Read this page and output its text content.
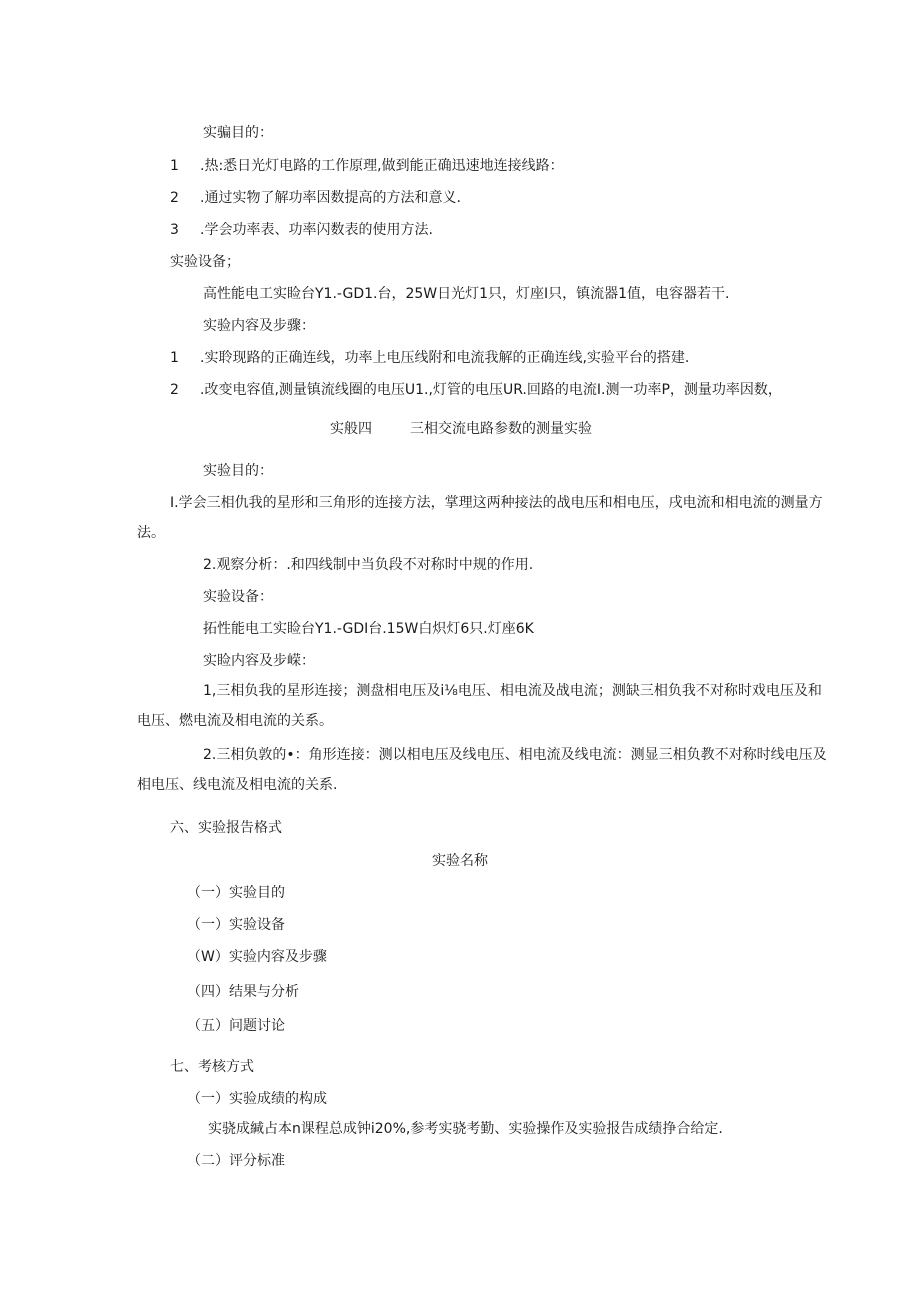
实骗目的：
1 .热:悉日光灯电路的工作原理,做到能正确迅速地连接线路：
2 .通过实物了解功率因数提高的方法和意义.
3 .学会功率表、功率闪数表的使用方法.
实验设备；
高性能电工实睑台Y1.-GD1.台，25W日光灯1只，灯座I只，镇流器1值，电容器若干.
实验内容及步骤：
1 .实聆现路的正确连线，功率上电压线附和电流我解的正确连线,实验平台的搭建.
2 .改变电容值,测量镇流线圈的电压U1.,灯管的电压UR.回路的电流I.测一功率P，测量功率因数，
实般四	三相交流电路参数的测量实验
实验目的：
I.学会三相仇我的星形和三角形的连接方法，掌理这两种接法的战电压和相电压，戌电流和相电流的测量方
法。
2.观察分析：.和四线制中当负段不对称时中规的作用.
实验设备：
拓性能电工实睑台Y1.-GDI台.15W白炽灯6只.灯座6K
实睑内容及步嵘：
1,三相负我的星形连接；测盘相电压及i⅛电压、相电流及战电流；测缺三相负我不对称时戏电压及和
电压、燃电流及相电流的关系。
2.三相负敦的•：角形连接：测以相电压及线电压、相电流及线电流：测显三相负教不对称时线电压及
相电压、线电流及相电流的关系.
六、实验报告格式
实验名称
（一）实验目的
（一）实验设备
（W）实验内容及步骤
（四）结果与分析
（五）问题讨论
七、考核方式
（一）实验成绩的构成
实骁成緘占本n课程总成钟i20%,参考实骁考勤、实验操作及实验报告成绩挣合给定.
（二）评分标准
